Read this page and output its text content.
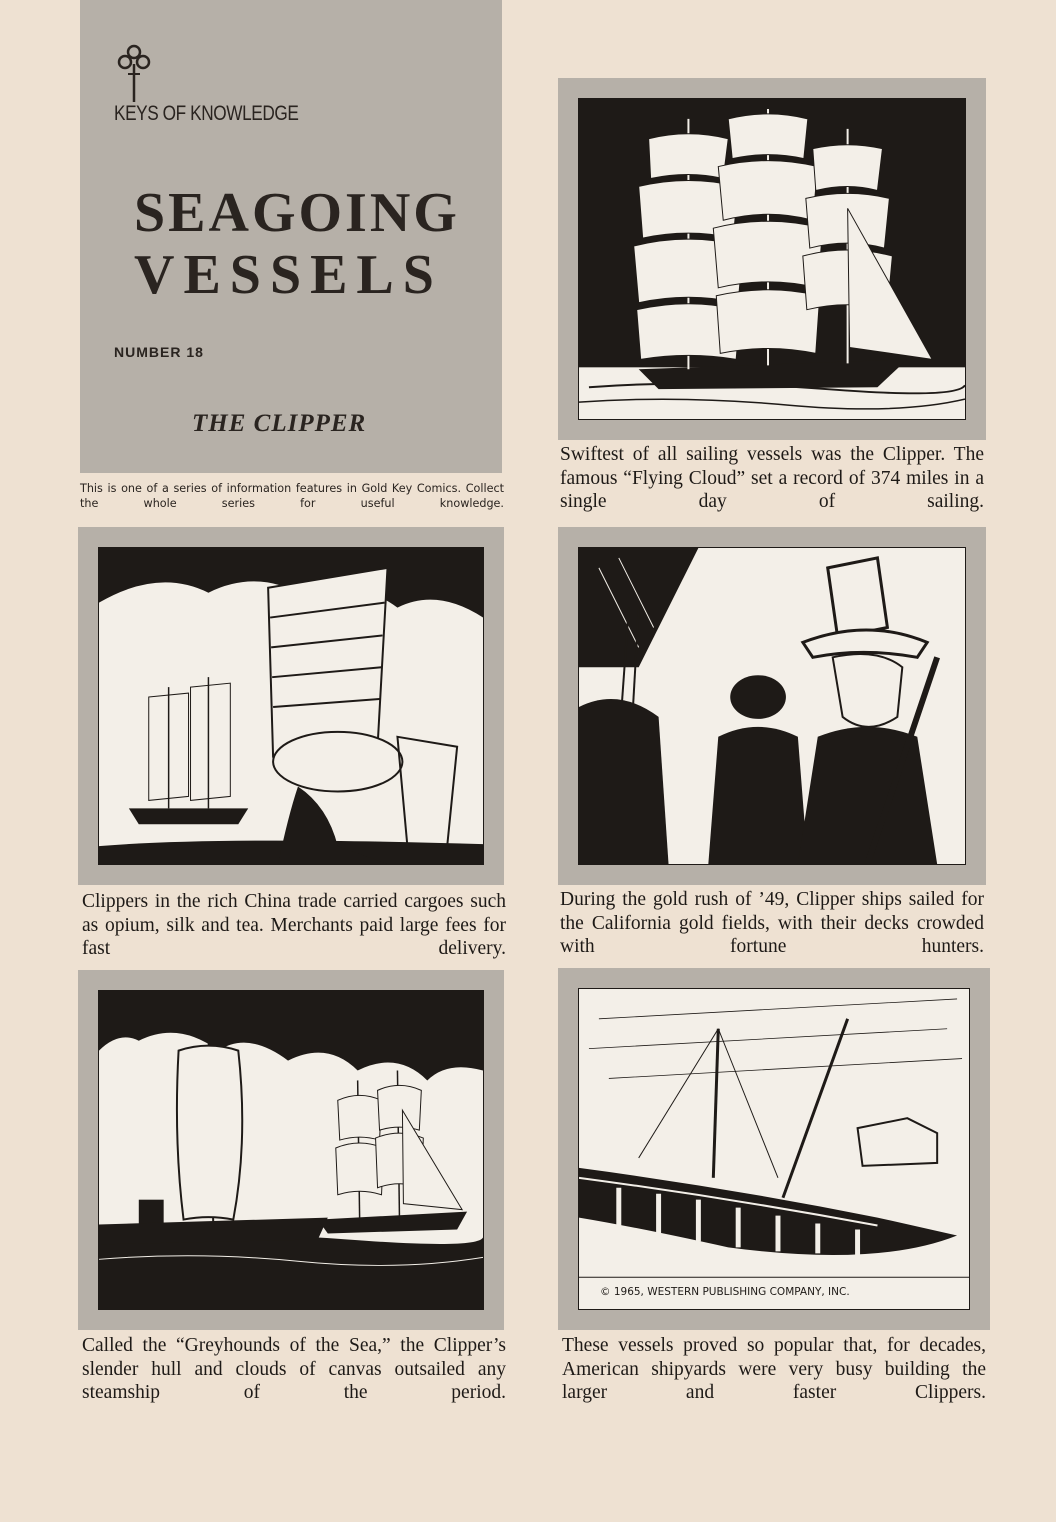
KEYS OF KNOWLEDGE
SEAGOING
VESSELS
NUMBER 18
THE CLIPPER
This is one of a series of information features in Gold Key Comics. Collect the whole series for useful knowledge.
Swiftest of all sailing vessels was the Clipper. The famous “Flying Cloud” set a record of 374 miles in a single day of sailing.
Clippers in the rich China trade carried cargoes such as opium, silk and tea. Merchants paid large fees for fast delivery.
During the gold rush of ’49, Clipper ships sailed for the California gold fields, with their decks crowded with fortune hunters.
Called the “Greyhounds of the Sea,” the Clipper’s slender hull and clouds of canvas outsailed any steamship of the period.
© 1965, WESTERN PUBLISHING COMPANY, INC.
These vessels proved so popular that, for decades, American shipyards were very busy building the larger and faster Clippers.
